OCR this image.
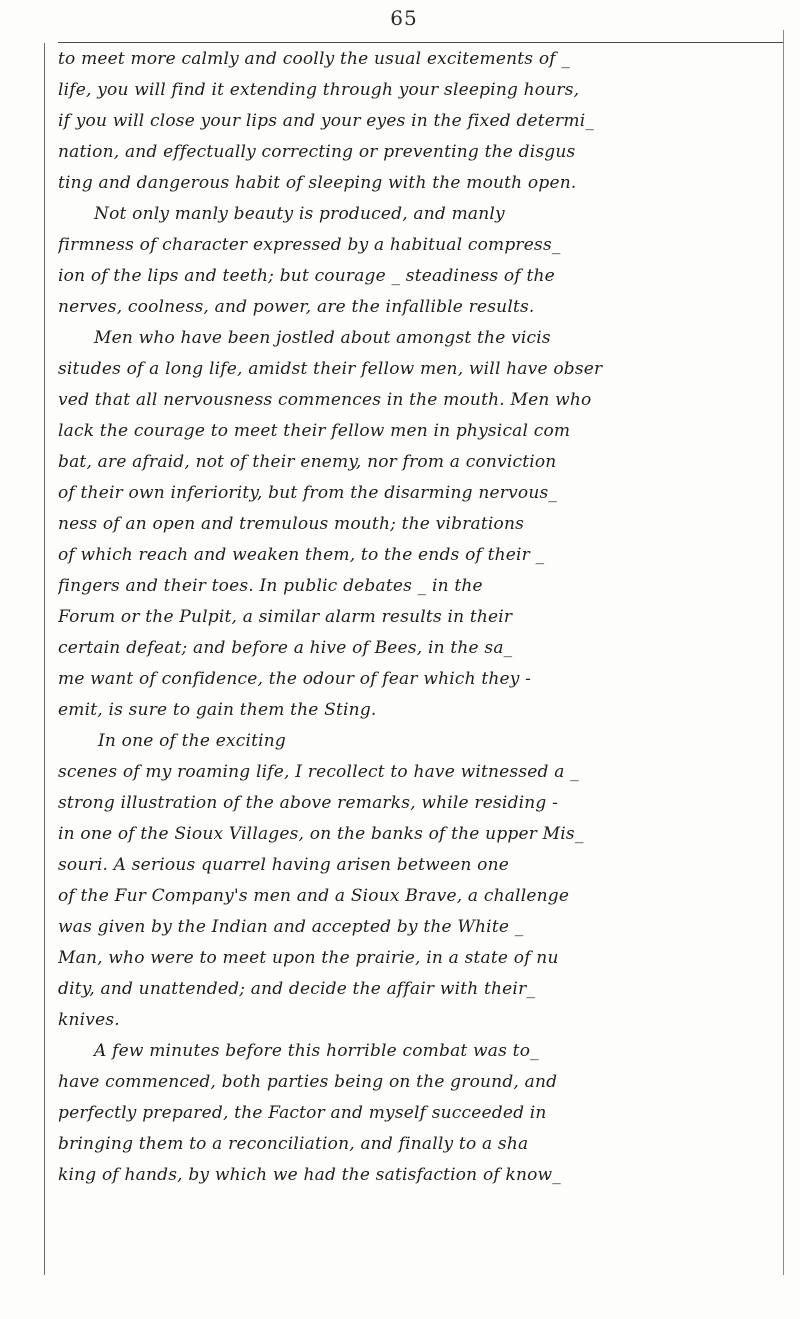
65
to meet more calmly and coolly the usual excitements of _
life, you will find it extending through your sleeping hours,
if you will close your lips and your eyes in the fixed determi_
nation, and effectually correcting or preventing the disgus
ting and dangerous habit of sleeping with the mouth open.
Not only manly beauty is produced, and manly
firmness of character expressed by a habitual compress_
ion of the lips and teeth; but courage _ steadiness of the
nerves, coolness, and power, are the infallible results.
Men who have been jostled about amongst the vicis
situdes of a long life, amidst their fellow men, will have obser
ved that all nervousness commences in the mouth. Men who
lack the courage to meet their fellow men in physical com
bat, are afraid, not of their enemy, nor from a conviction
of their own inferiority, but from the disarming nervous_
ness of an open and tremulous mouth; the vibrations
of which reach and weaken them, to the ends of their _
fingers and their toes. In public debates _ in the
Forum or the Pulpit, a similar alarm results in their
certain defeat; and before a hive of Bees, in the sa_
me want of confidence, the odour of fear which they -
emit, is sure to gain them the Sting.
In one of the exciting
scenes of my roaming life, I recollect to have witnessed a _
strong illustration of the above remarks, while residing -
in one of the Sioux Villages, on the banks of the upper Mis_
souri. A serious quarrel having arisen between one
of the Fur Company's men and a Sioux Brave, a challenge
was given by the Indian and accepted by the White _
Man, who were to meet upon the prairie, in a state of nu
dity, and unattended; and decide the affair with their_
knives.
A few minutes before this horrible combat was to_
have commenced, both parties being on the ground, and
perfectly prepared, the Factor and myself succeeded in
bringing them to a reconciliation, and finally to a sha
king of hands, by which we had the satisfaction of know_
